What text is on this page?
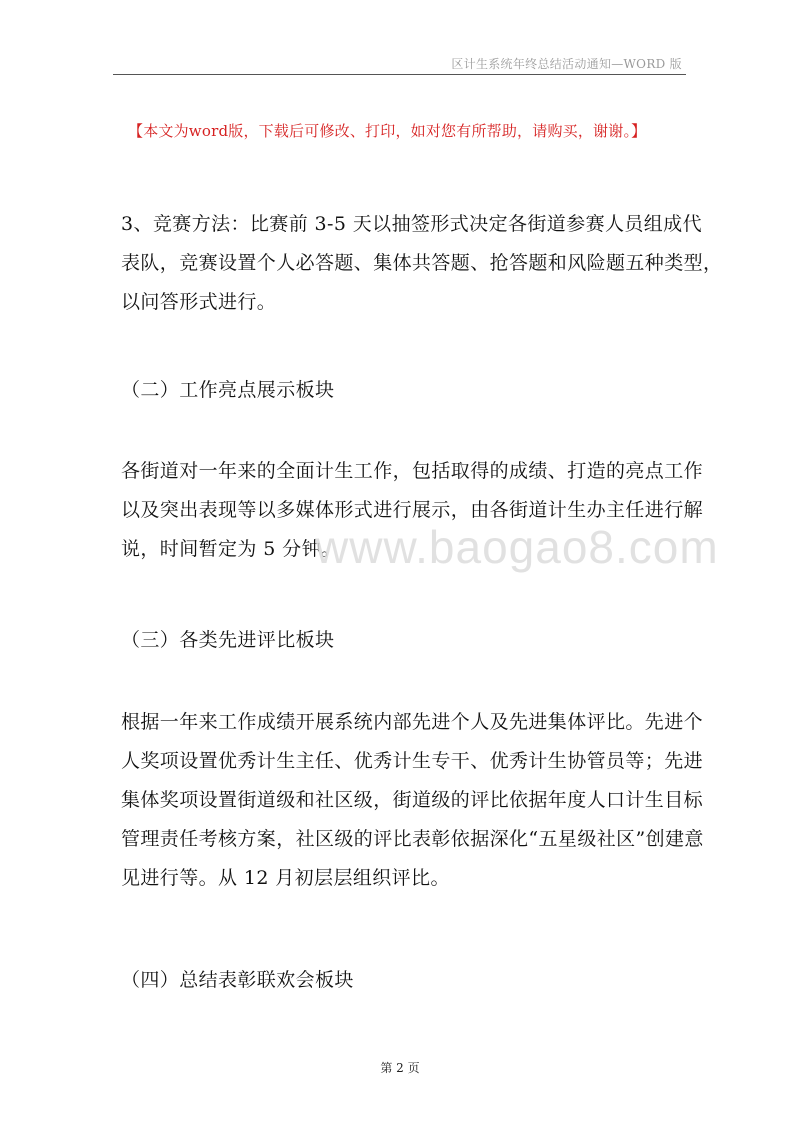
区计生系统年终总结活动通知—WORD 版
【本文为word版，下载后可修改、打印，如对您有所帮助，请购买，谢谢。】

3、竞赛方法：比赛前 3-5 天以抽签形式决定各街道参赛人员组成代
表队，竞赛设置个人必答题、集体共答题、抢答题和风险题五种类型，
以问答形式进行。

（二）工作亮点展示板块

各街道对一年来的全面计生工作，包括取得的成绩、打造的亮点工作
以及突出表现等以多媒体形式进行展示，由各街道计生办主任进行解
说，时间暂定为 5 分钟。

（三）各类先进评比板块

根据一年来工作成绩开展系统内部先进个人及先进集体评比。先进个
人奖项设置优秀计生主任、优秀计生专干、优秀计生协管员等；先进
集体奖项设置街道级和社区级，街道级的评比依据年度人口计生目标
管理责任考核方案，社区级的评比表彰依据深化“五星级社区”创建意
见进行等。从 12 月初层层组织评比。

（四）总结表彰联欢会板块

www.baogao8.com
第 2 页
